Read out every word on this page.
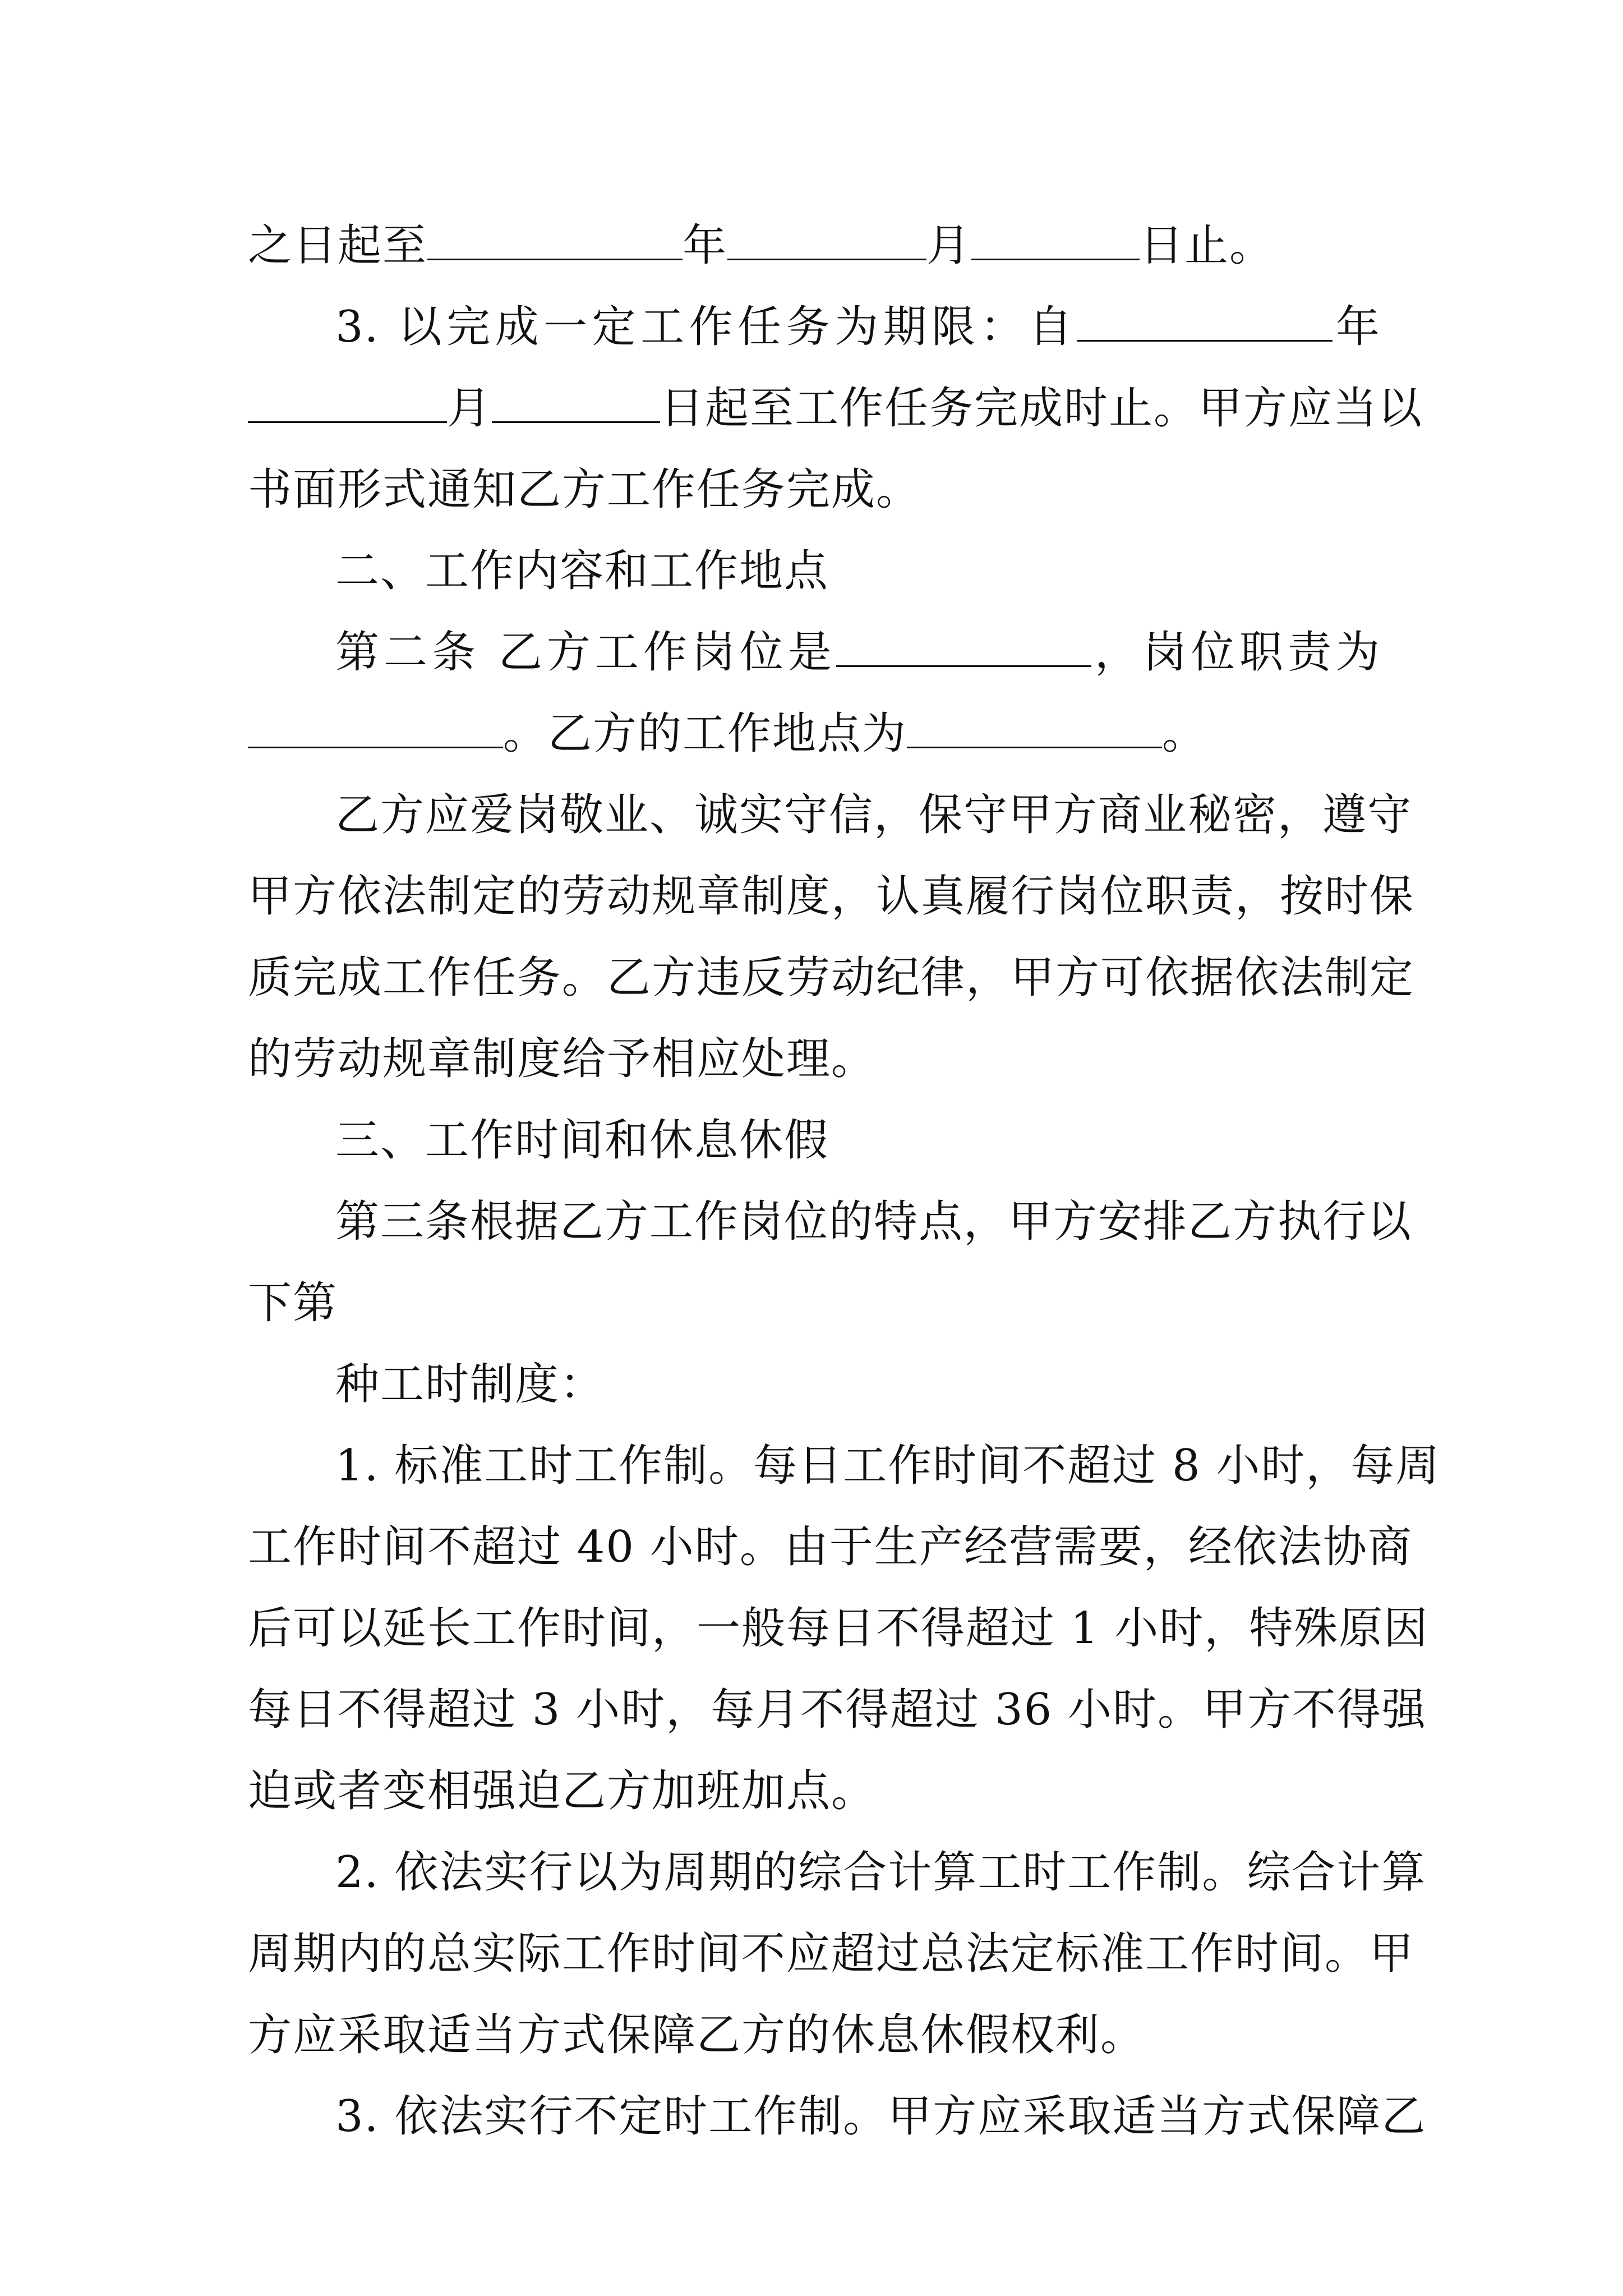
之日起至	年	月	日止。
3. 以完成一定工作任务为期限：自	年
月	日起至工作任务完成时止。甲方应当以
书面形式通知乙方工作任务完成。
二、工作内容和工作地点
第二条 乙方工作岗位是	，岗位职责为
。乙方的工作地点为	。
乙方应爱岗敬业、诚实守信，保守甲方商业秘密，遵守
甲方依法制定的劳动规章制度，认真履行岗位职责，按时保
质完成工作任务。乙方违反劳动纪律，甲方可依据依法制定
的劳动规章制度给予相应处理。
三、工作时间和休息休假
第三条根据乙方工作岗位的特点，甲方安排乙方执行以
下第
种工时制度：
1. 标准工时工作制。每日工作时间不超过 8 小时，每周
工作时间不超过 40 小时。由于生产经营需要，经依法协商
后可以延长工作时间，一般每日不得超过 1 小时，特殊原因
每日不得超过 3 小时，每月不得超过 36 小时。甲方不得强
迫或者变相强迫乙方加班加点。
2. 依法实行以为周期的综合计算工时工作制。综合计算
周期内的总实际工作时间不应超过总法定标准工作时间。甲
方应采取适当方式保障乙方的休息休假权利。
3. 依法实行不定时工作制。甲方应采取适当方式保障乙
